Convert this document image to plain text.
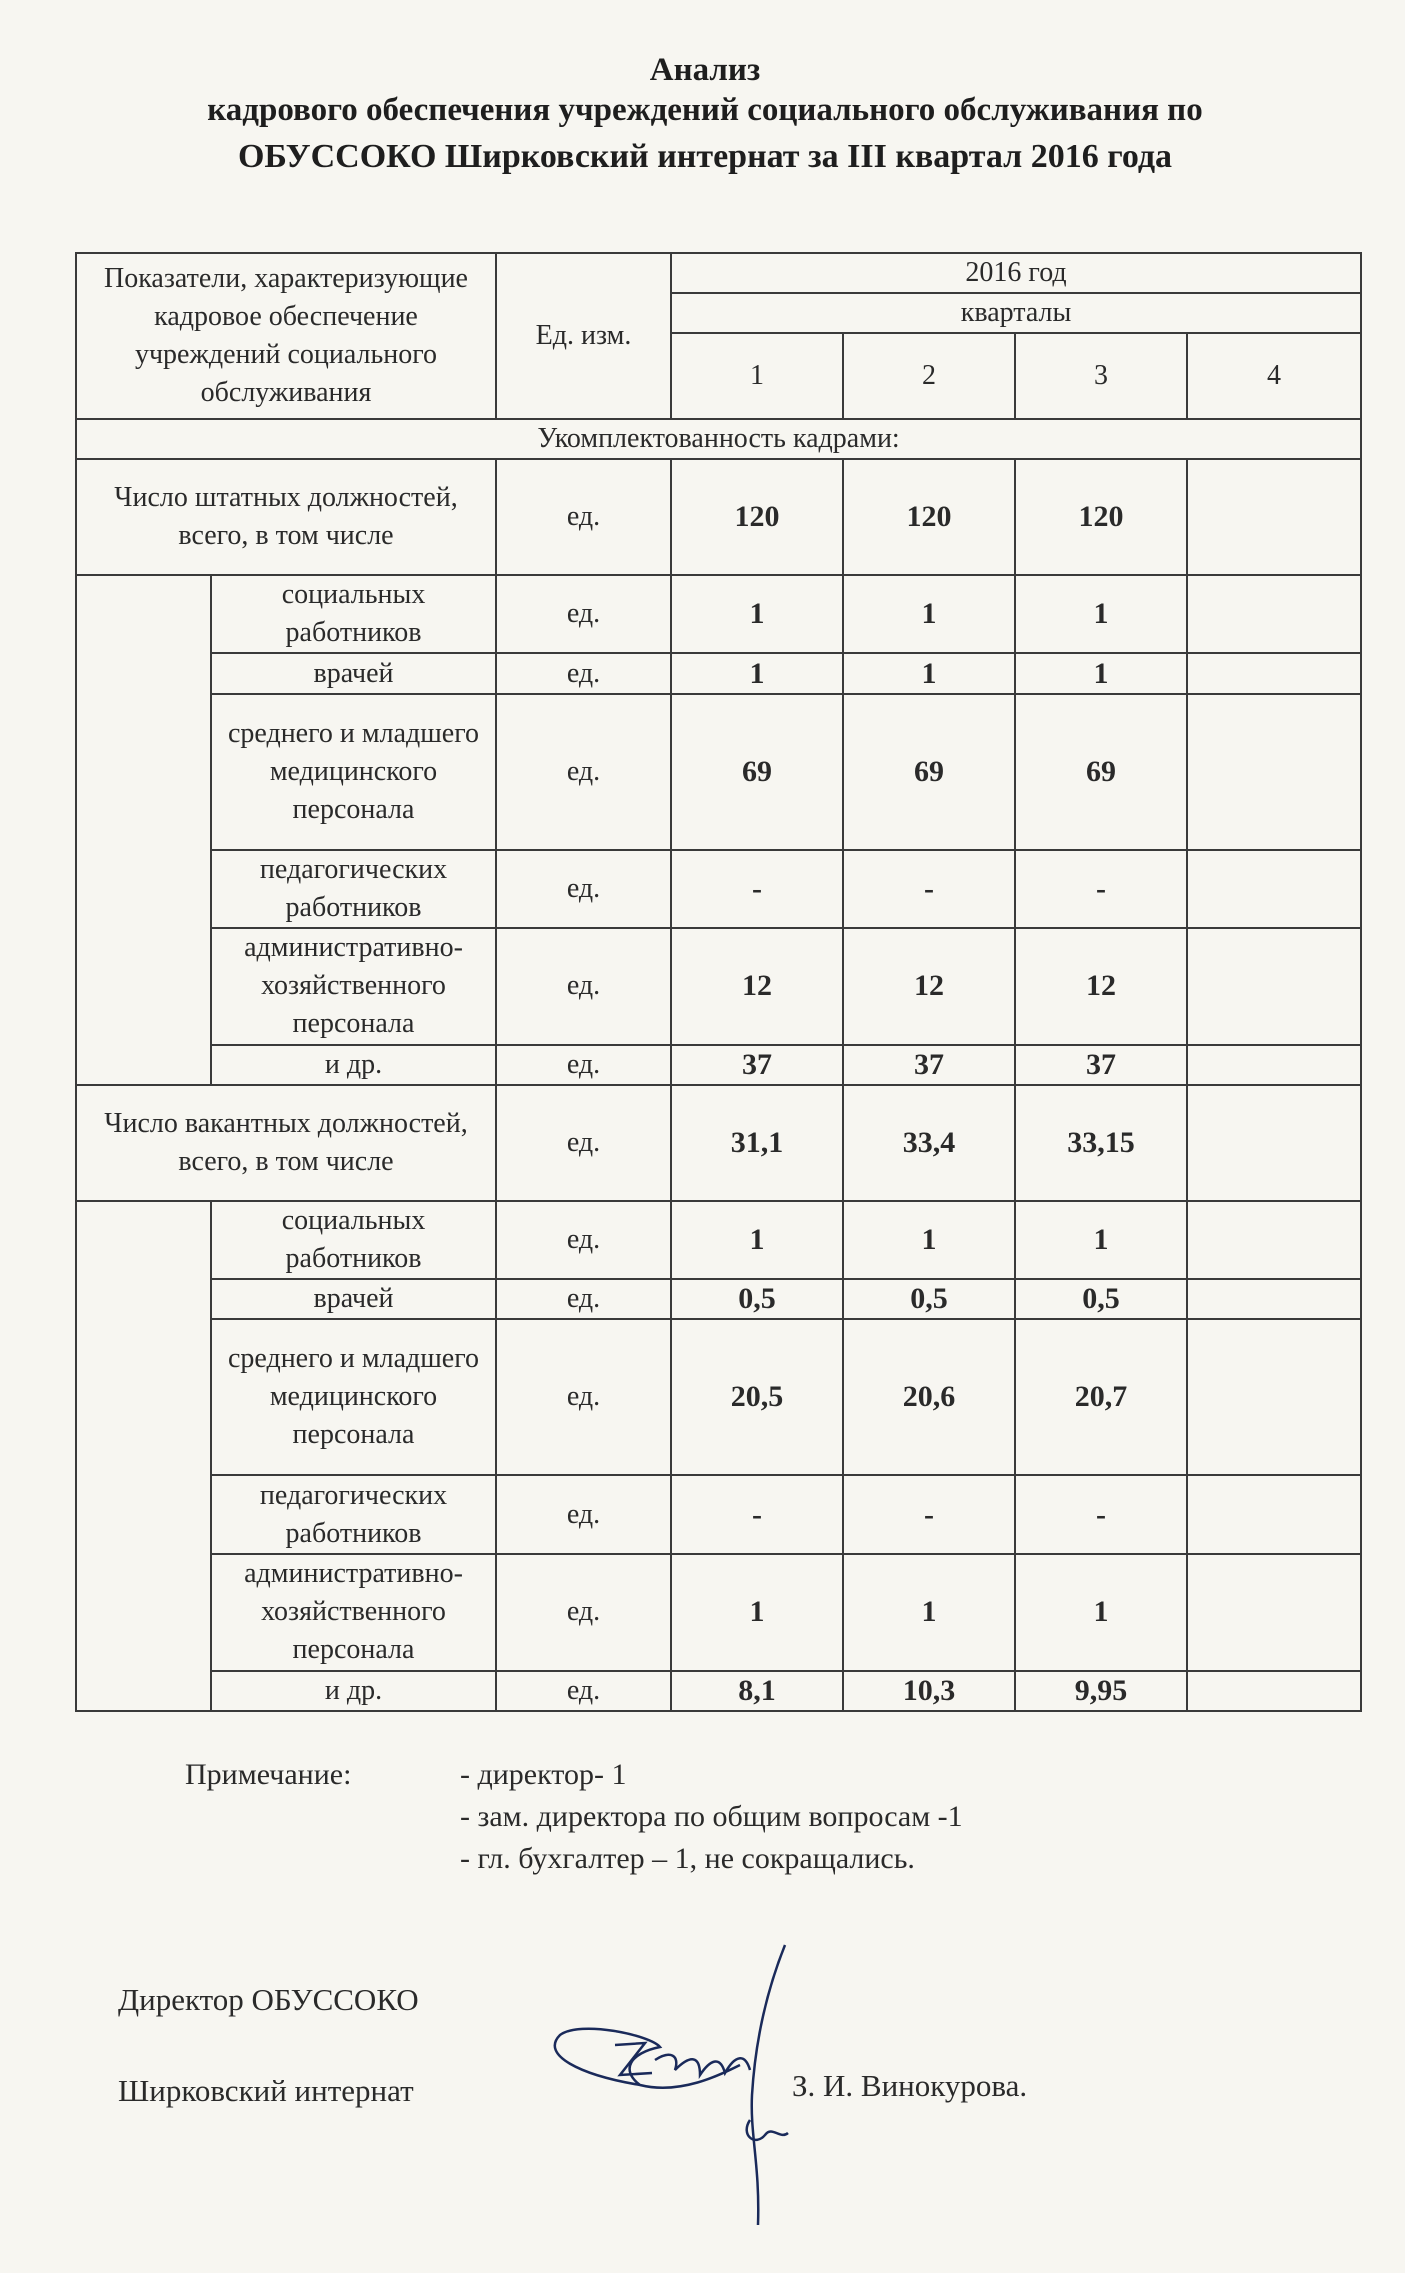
Анализ
кадрового обеспечения учреждений социального обслуживания по
ОБУССОКО Ширковский интернат за III квартал 2016 года
Показатели, характеризующие кадровое обеспечение учреждений социального обслуживания		Ед. изм.	2016 год			
			кварталы			
			1	2	3	4
Укомплектованность кадрами:						
Число штатных должностей, всего, в том числе		ед.	120	120	120	
	социальных работников	ед.	1	1	1	
	врачей	ед.	1	1	1	
	среднего и младшего медицинского персонала	ед.	69	69	69	
	педагогических работников	ед.	-	-	-	
	административно-хозяйственного персонала	ед.	12	12	12	
	и др.	ед.	37	37	37	
Число вакантных должностей, всего, в том числе		ед.	31,1	33,4	33,15	
	социальных работников	ед.	1	1	1	
	врачей	ед.	0,5	0,5	0,5	
	среднего и младшего медицинского персонала	ед.	20,5	20,6	20,7	
	педагогических работников	ед.	-	-	-	
	административно-хозяйственного персонала	ед.	1	1	1	
	и др.	ед.	8,1	10,3	9,95	
Примечание:	- директор- 1
- зам. директора по общим вопросам -1
- гл. бухгалтер – 1, не сокращались.
Директор ОБУССОКО
Ширковский интернат	З. И. Винокурова.
